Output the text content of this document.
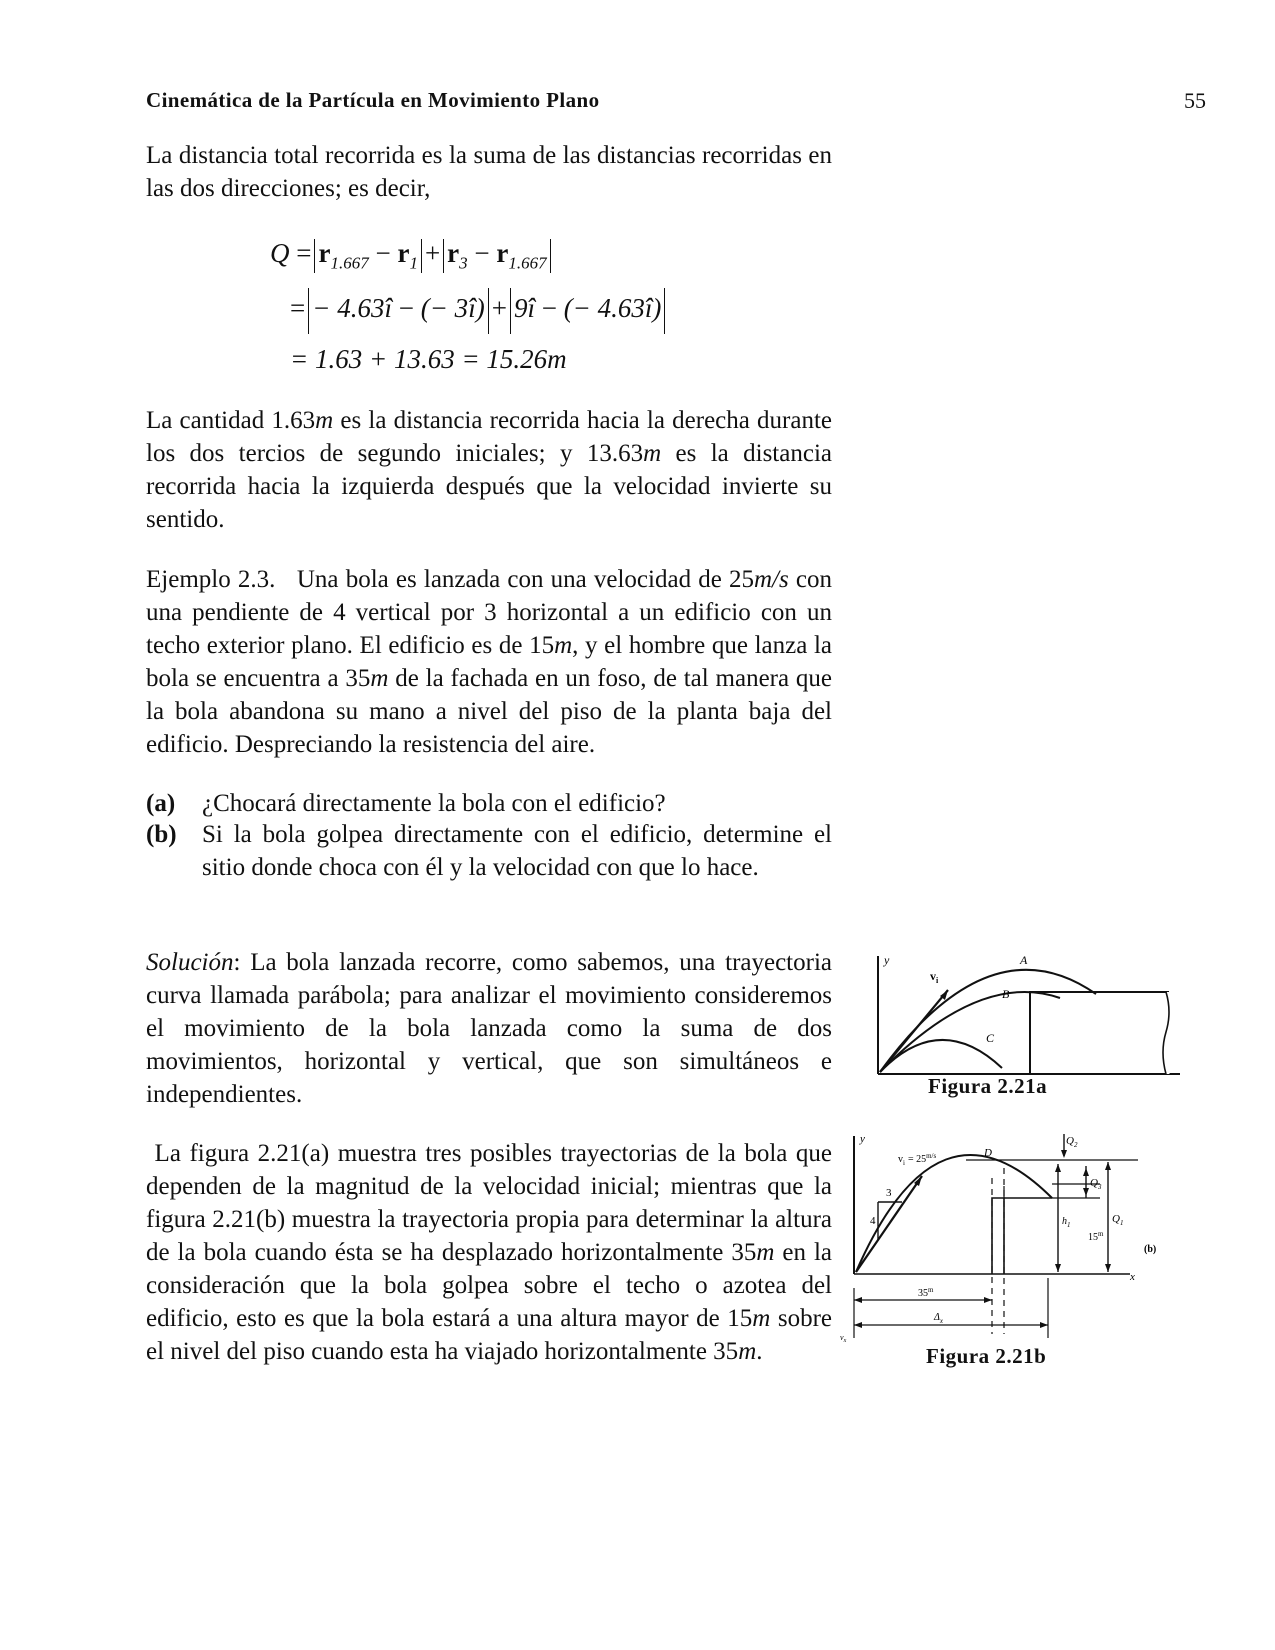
Cinemática de la Partícula en Movimiento Plano	55

La distancia total recorrida es la suma de las distancias recorridas en las dos direcciones; es decir,

$Q = r_{1.667} - r_1 + r_3 - r_{1.667}$
= − 4.63î − (− 3î) + 9î − (− 4.63î)
= 1.63 + 13.63 = 15.26m

La cantidad 1.63m es la distancia recorrida hacia la derecha durante los dos tercios de segundo iniciales; y 13.63m es la distancia recorrida hacia la izquierda después que la velocidad invierte su sentido.

Ejemplo 2.3. Una bola es lanzada con una velocidad de 25m/s con una pendiente de 4 vertical por 3 horizontal a un edificio con un techo exterior plano. El edificio es de 15m, y el hombre que lanza la bola se encuentra a 35m de la fachada en un foso, de tal manera que la bola abandona su mano a nivel del piso de la planta baja del edificio. Despreciando la resistencia del aire.

(a) ¿Chocará directamente la bola con el edificio?
(b) Si la bola golpea directamente con el edificio, determine el sitio donde choca con él y la velocidad con que lo hace.

Solución: La bola lanzada recorre, como sabemos, una trayectoria curva llamada parábola; para analizar el movimiento consideremos el movimiento de la bola lanzada como la suma de dos movimientos, horizontal y vertical, que son simultáneos e independientes.

La figura 2.21(a) muestra tres posibles trayectorias de la bola que dependen de la magnitud de la velocidad inicial; mientras que la figura 2.21(b) muestra la trayectoria propia para determinar la altura de la bola cuando ésta se ha desplazado horizontalmente 35m en la consideración que la bola golpea sobre el techo o azotea del edificio, esto es que la bola estará a una altura mayor de 15m sobre el nivel del piso cuando esta ha viajado horizontalmente 35m.

y
$v_i$
A
B
C
Figura 2.21a
y
x
3
4
$v_i = 25^{m/s}$	D
$Q_2$
$Q_3$
$Q_1$
$h_1$
15$^m$
35$^m$
$\Delta_x$
$v_x$
(b)
Figura 2.21b
